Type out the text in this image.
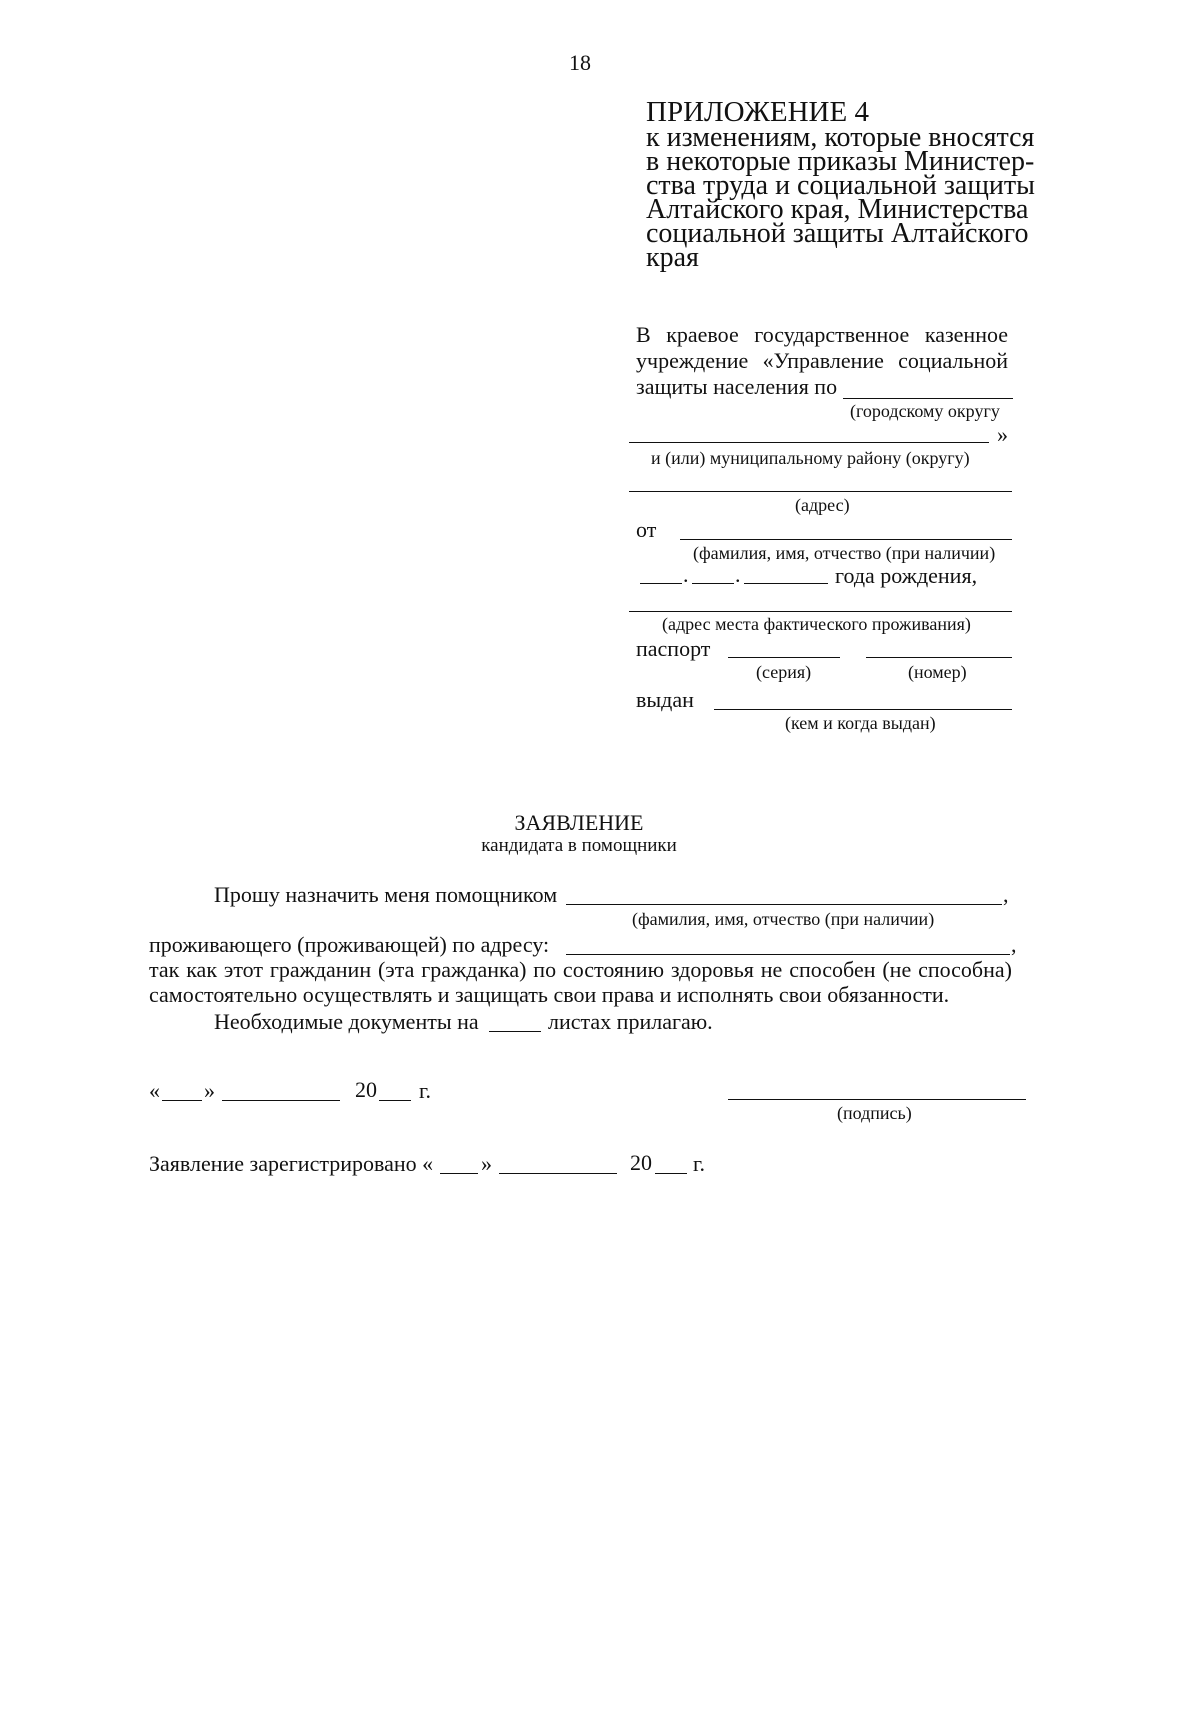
18
ПРИЛОЖЕНИЕ 4
к изменениям, которые вносятся
в некоторые приказы Министер-
ства труда и социальной защиты
Алтайского края, Министерства
социальной защиты Алтайского
края
В краевое государственное казенное
учреждение «Управление социальной
защиты населения по
(городскому округу
»
и (или) муниципальному району (округу)
(адрес)
от
(фамилия, имя, отчество (при наличии)
. .	года рождения,
(адрес места фактического проживания)
паспорт
(серия)	(номер)
выдан
(кем и когда выдан)
ЗАЯВЛЕНИЕ
кандидата в помощники
Прошу назначить меня помощником	,
(фамилия, имя, отчество (при наличии)
проживающего (проживающей) по адресу:	,
так как этот гражданин (эта гражданка) по состоянию здоровья не способен (не способна)
самостоятельно осуществлять и защищать свои права и исполнять свои обязанности.
Необходимые документы на	листах прилагаю.
« »	20 г.
(подпись)
Заявление зарегистрировано « »	20 г.
